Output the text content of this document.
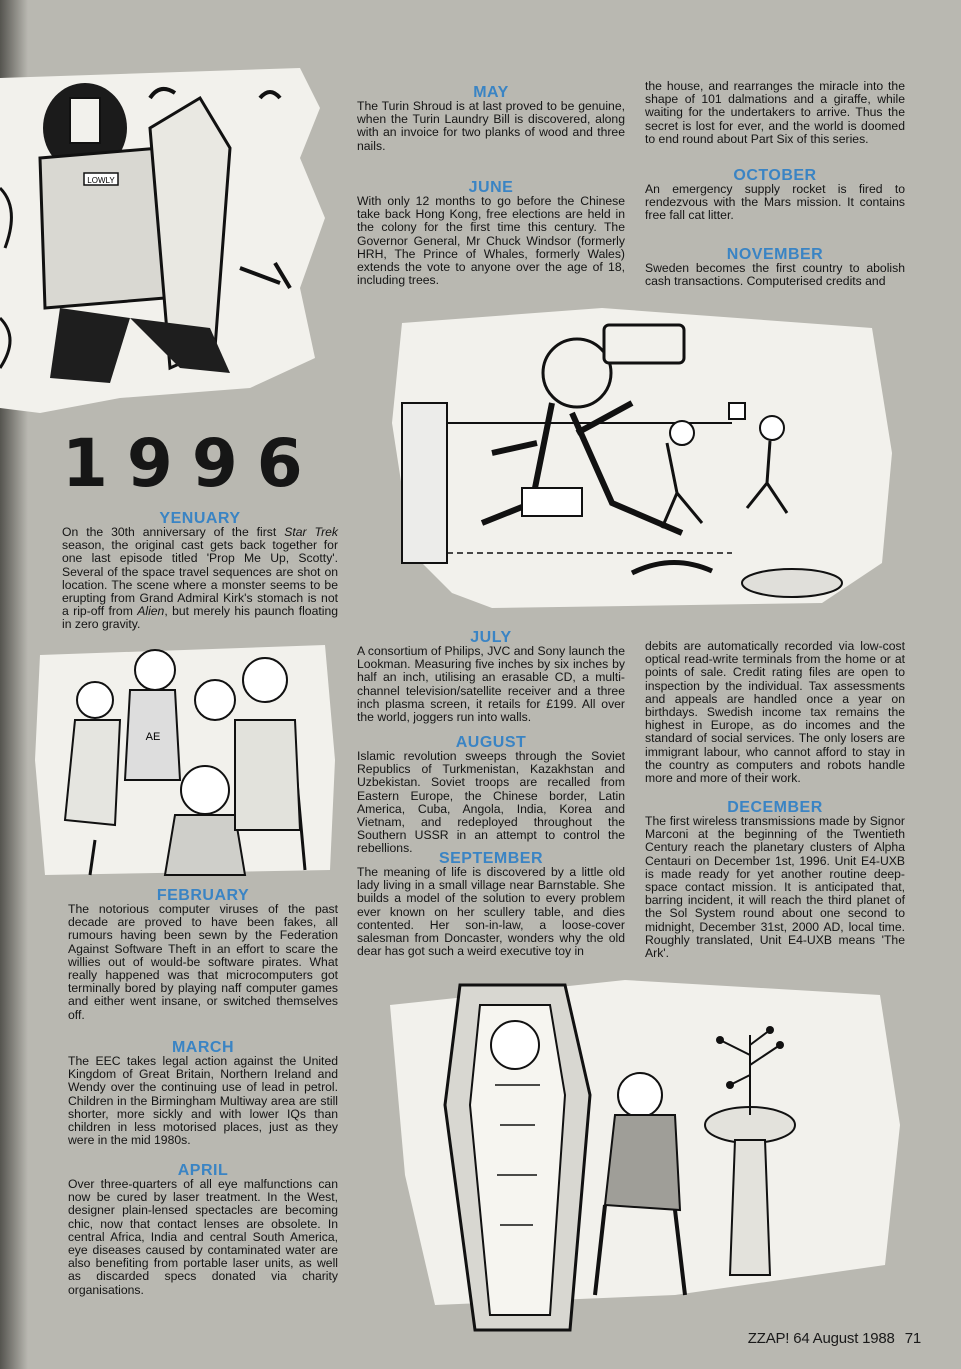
LOWLY
1996
AE
MAY

The Turin Shroud is at last proved to be genuine, when the Turin Laundry Bill is discovered, along with an invoice for two planks of wood and three nails.

JUNE

With only 12 months to go before the Chinese take back Hong Kong, free elections are held in the colony for the first time this century. The Governor General, Mr Chuck Windsor (formerly HRH, The Prince of Whales, formerly Wales) extends the vote to anyone over the age of 18, including trees.

the house, and rearranges the miracle into the shape of 101 dalmations and a giraffe, while waiting for the undertakers to arrive. Thus the secret is lost for ever, and the world is doomed to end round about Part Six of this series.

OCTOBER

An emergency supply rocket is fired to rendezvous with the Mars mission. It contains free fall cat litter.

NOVEMBER

Sweden becomes the first country to abolish cash transactions. Computerised credits and

YENUARY

On the 30th anniversary of the first Star Trek season, the original cast gets back together for one last episode titled 'Prop Me Up, Scotty'. Several of the space travel sequences are shot on location. The scene where a monster seems to be erupting from Grand Admiral Kirk's stomach is not a rip-off from Alien, but merely his paunch floating in zero gravity.

JULY

A consortium of Philips, JVC and Sony launch the Lookman. Measuring five inches by six inches by half an inch, utilising an erasable CD, a multi-channel television/satellite receiver and a three inch plasma screen, it retails for £199. All over the world, joggers run into walls.

AUGUST

Islamic revolution sweeps through the Soviet Republics of Turkmenistan, Kazakhstan and Uzbekistan. Soviet troops are recalled from Eastern Europe, the Chinese border, Latin America, Cuba, Angola, India, Korea and Vietnam, and redeployed throughout the Southern USSR in an attempt to control the rebellions.

SEPTEMBER

The meaning of life is discovered by a little old lady living in a small village near Barnstable. She builds a model of the solution to every problem ever known on her scullery table, and dies contented. Her son-in-law, a loose-cover salesman from Doncaster, wonders why the old dear has got such a weird executive toy in

debits are automatically recorded via low-cost optical read-write terminals from the home or at points of sale. Credit rating files are open to inspection by the individual. Tax assessments and appeals are handled once a year on birthdays. Swedish income tax remains the highest in Europe, as do incomes and the standard of social services. The only losers are immigrant labour, who cannot afford to stay in the country as computers and robots handle more and more of their work.

DECEMBER

The first wireless transmissions made by Signor Marconi at the beginning of the Twentieth Century reach the planetary clusters of Alpha Centauri on December 1st, 1996. Unit E4-UXB is made ready for yet another routine deep-space contact mission. It is anticipated that, barring incident, it will reach the third planet of the Sol System round about one second to midnight, December 31st, 2000 AD, local time. Roughly translated, Unit E4-UXB means 'The Ark'.

FEBRUARY

The notorious computer viruses of the past decade are proved to have been fakes, all rumours having been sewn by the Federation Against Software Theft in an effort to scare the willies out of would-be software pirates. What really happened was that microcomputers got terminally bored by playing naff computer games and either went insane, or switched themselves off.

MARCH

The EEC takes legal action against the United Kingdom of Great Britain, Northern Ireland and Wendy over the continuing use of lead in petrol. Children in the Birmingham Multiway area are still shorter, more sickly and with lower IQs than children in less motorised places, just as they were in the mid 1980s.

APRIL

Over three-quarters of all eye malfunctions can now be cured by laser treatment. In the West, designer plain-lensed spectacles are becoming chic, now that contact lenses are obsolete. In central Africa, India and central South America, eye diseases caused by contaminated water are also benefiting from portable laser units, as well as discarded specs donated via charity organisations.

ZZAP! 64 August 1988 71
